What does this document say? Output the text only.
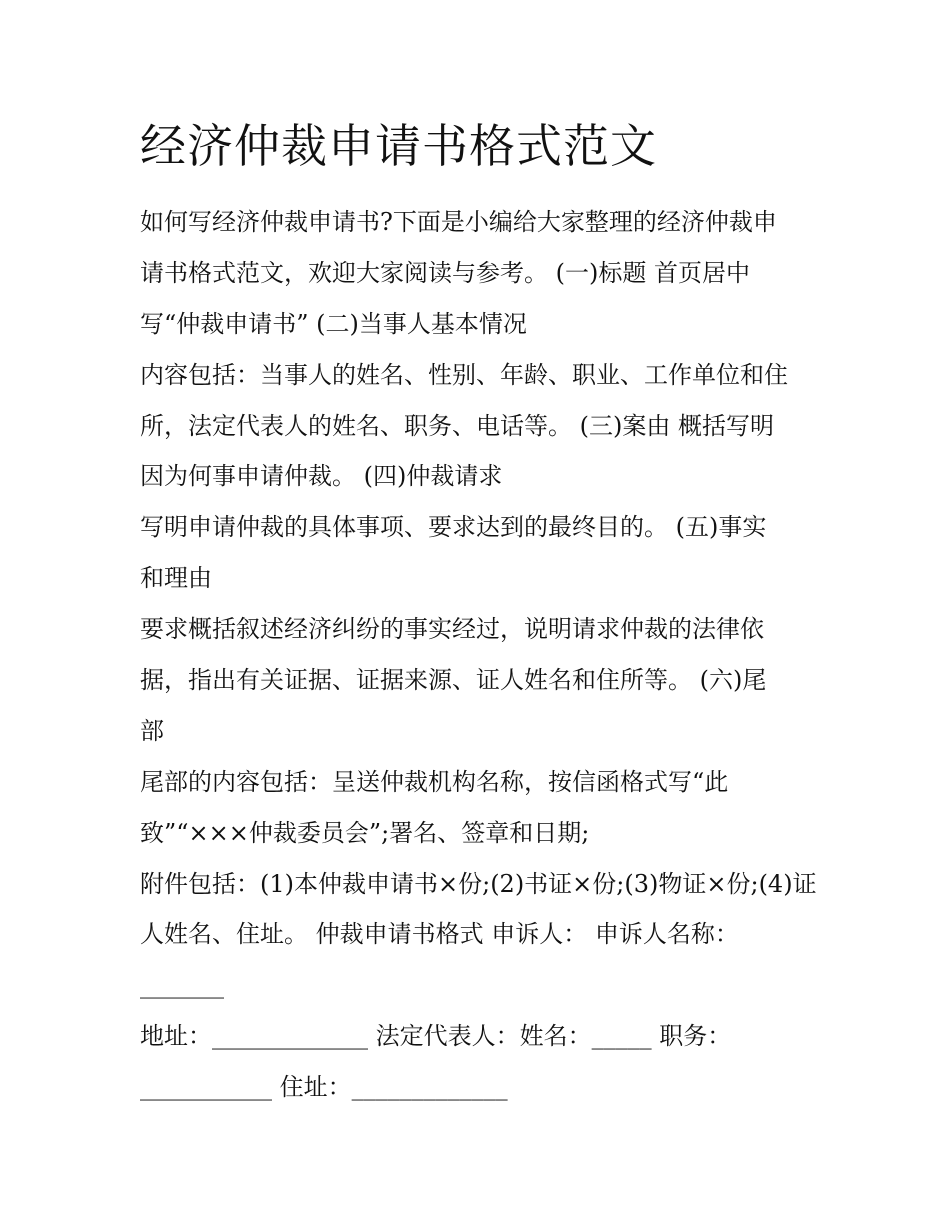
经济仲裁申请书格式范文
如何写经济仲裁申请书?下面是小编给大家整理的经济仲裁申
请书格式范文，欢迎大家阅读与参考。 (一)标题 首页居中
写“仲裁申请书” (二)当事人基本情况
内容包括：当事人的姓名、性别、年龄、职业、工作单位和住
所，法定代表人的姓名、职务、电话等。 (三)案由 概括写明
因为何事申请仲裁。 (四)仲裁请求
写明申请仲裁的具体事项、要求达到的最终目的。 (五)事实
和理由
要求概括叙述经济纠纷的事实经过，说明请求仲裁的法律依
据，指出有关证据、证据来源、证人姓名和住所等。 (六)尾
部
尾部的内容包括：呈送仲裁机构名称，按信函格式写“此
致”“×××仲裁委员会”;署名、签章和日期;
附件包括：(1)本仲裁申请书×份;(2)书证×份;(3)物证×份;(4)证
人姓名、住址。 仲裁申请书格式 申诉人： 申诉人名称：
_______
地址：_____________ 法定代表人：姓名：_____ 职务：
___________ 住址：_____________
